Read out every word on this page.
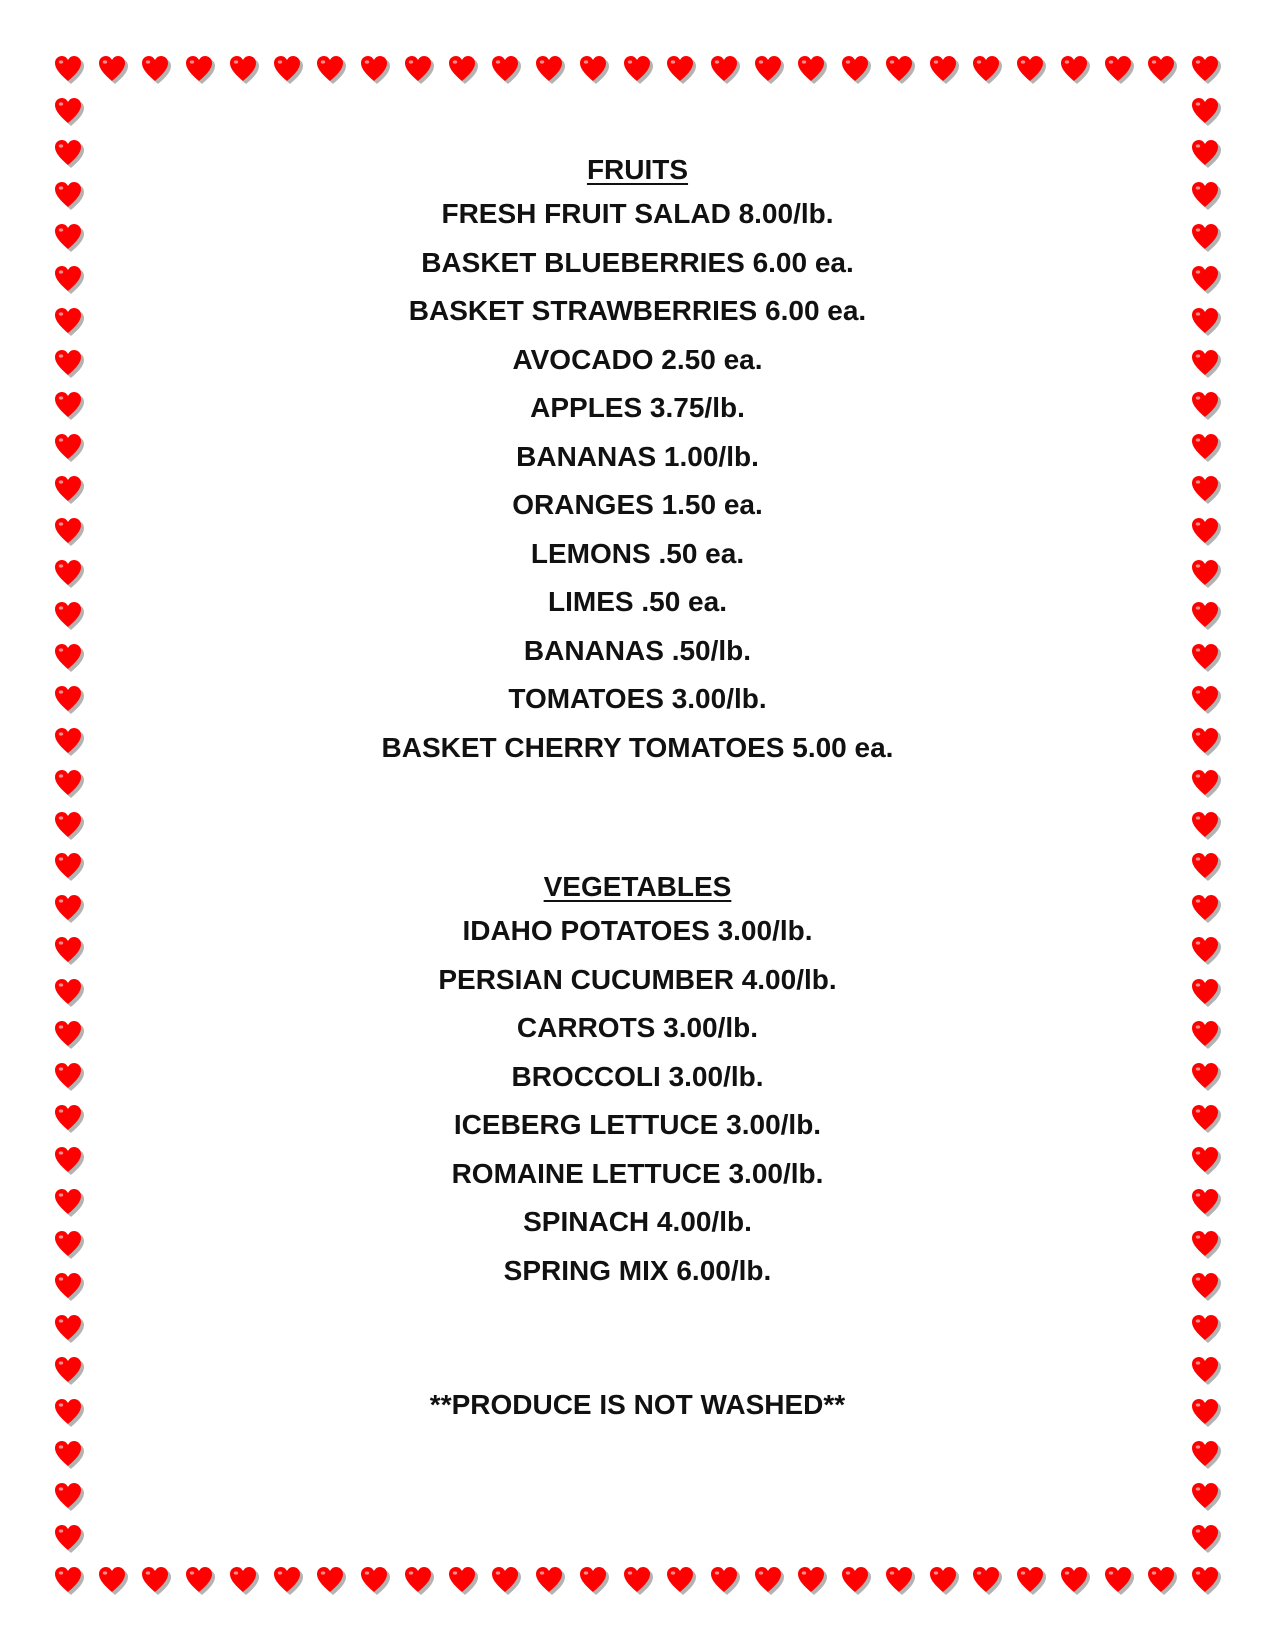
FRUITS
FRESH FRUIT SALAD 8.00/lb.
BASKET BLUEBERRIES 6.00 ea.
BASKET STRAWBERRIES 6.00 ea.
AVOCADO 2.50 ea.
APPLES 3.75/lb.
BANANAS 1.00/lb.
ORANGES 1.50 ea.
LEMONS .50 ea.
LIMES .50 ea.
BANANAS .50/lb.
TOMATOES 3.00/lb.
BASKET CHERRY TOMATOES 5.00 ea.
VEGETABLES
IDAHO POTATOES 3.00/lb.
PERSIAN CUCUMBER 4.00/lb.
CARROTS 3.00/lb.
BROCCOLI 3.00/lb.
ICEBERG LETTUCE 3.00/lb.
ROMAINE LETTUCE 3.00/lb.
SPINACH 4.00/lb.
SPRING MIX 6.00/lb.
**PRODUCE IS NOT WASHED**
